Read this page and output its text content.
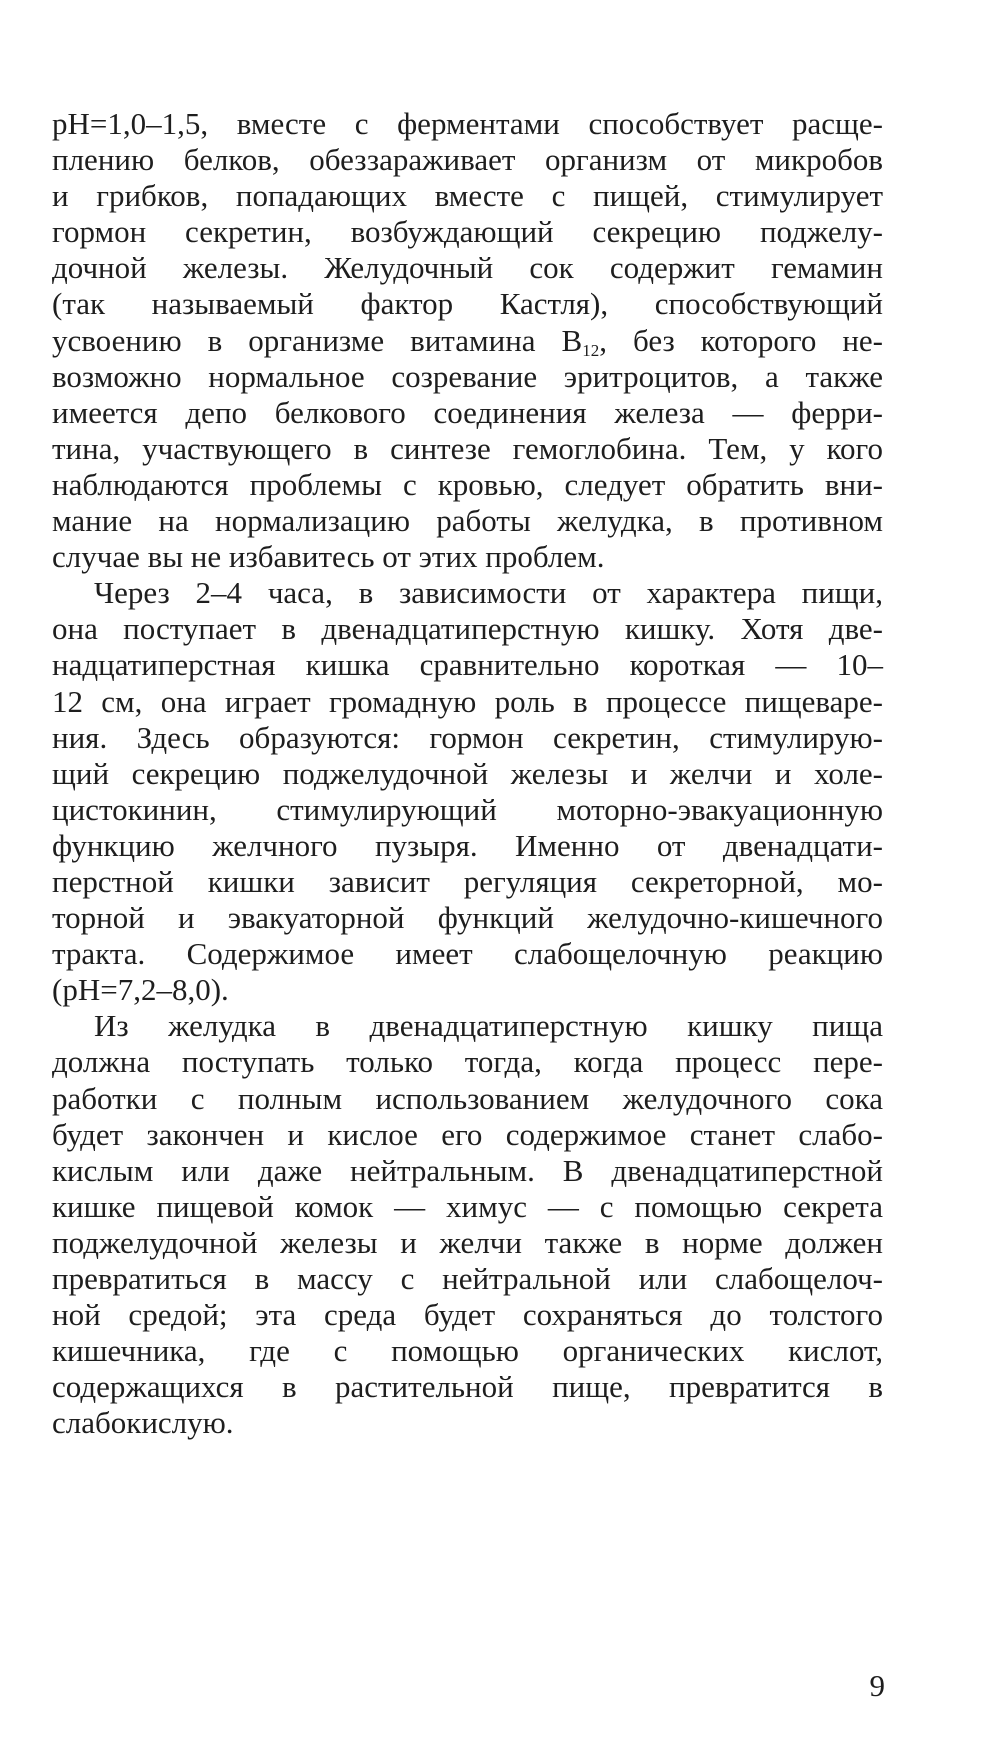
pH=1,0–1,5, вместе с ферментами способствует расще-
плению белков, обеззараживает организм от микробов
и грибков, попадающих вместе с пищей, стимулирует
гормон секретин, возбуждающий секрецию поджелу-
дочной железы. Желудочный сок содержит гемамин
(так называемый фактор Кастля), способствующий
усвоению в организме витамина $В_{12}$, без которого не-
возможно нормальное созревание эритроцитов, а также
имеется депо белкового соединения железа — ферри-
тина, участвующего в синтезе гемоглобина. Тем, у кого
наблюдаются проблемы с кровью, следует обратить вни-
мание на нормализацию работы желудка, в противном
случае вы не избавитесь от этих проблем.
Через 2–4 часа, в зависимости от характера пищи,
она поступает в двенадцатиперстную кишку. Хотя две-
надцатиперстная кишка сравнительно короткая — 10–
12 см, она играет громадную роль в процессе пищеваре-
ния. Здесь образуются: гормон секретин, стимулирую-
щий секрецию поджелудочной железы и желчи и холе-
цистокинин, стимулирующий моторно-эвакуационную
функцию желчного пузыря. Именно от двенадцати-
перстной кишки зависит регуляция секреторной, мо-
торной и эвакуаторной функций желудочно-кишечного
тракта. Содержимое имеет слабощелочную реакцию
(pH=7,2–8,0).
Из желудка в двенадцатиперстную кишку пища
должна поступать только тогда, когда процесс пере-
работки с полным использованием желудочного сока
будет закончен и кислое его содержимое станет слабо-
кислым или даже нейтральным. В двенадцатиперстной
кишке пищевой комок — химус — с помощью секрета
поджелудочной железы и желчи также в норме должен
превратиться в массу с нейтральной или слабощелоч-
ной средой; эта среда будет сохраняться до толстого
кишечника, где с помощью органических кислот,
содержащихся в растительной пище, превратится в
слабокислую.
9
